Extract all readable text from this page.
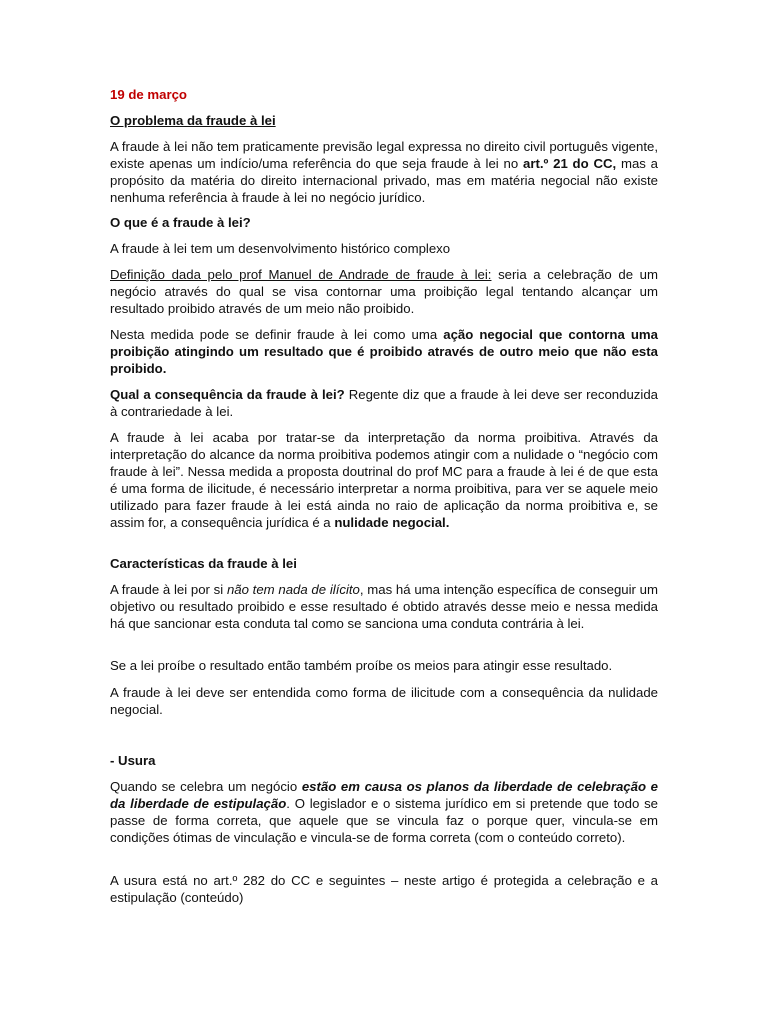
19 de março

O problema da fraude à lei

A fraude à lei não tem praticamente previsão legal expressa no direito civil português vigente, existe apenas um indício/uma referência do que seja fraude à lei no art.º 21 do CC, mas a propósito da matéria do direito internacional privado, mas em matéria negocial não existe nenhuma referência à fraude à lei no negócio jurídico.

O que é a fraude à lei?

A fraude à lei tem um desenvolvimento histórico complexo

Definição dada pelo prof Manuel de Andrade de fraude à lei: seria a celebração de um negócio através do qual se visa contornar uma proibição legal tentando alcançar um resultado proibido através de um meio não proibido.

Nesta medida pode se definir fraude à lei como uma ação negocial que contorna uma proibição atingindo um resultado que é proibido através de outro meio que não esta proibido.

Qual a consequência da fraude à lei? Regente diz que a fraude à lei deve ser reconduzida à contrariedade à lei.

A fraude à lei acaba por tratar-se da interpretação da norma proibitiva. Através da interpretação do alcance da norma proibitiva podemos atingir com a nulidade o “negócio com fraude à lei”. Nessa medida a proposta doutrinal do prof MC para a fraude à lei é de que esta é uma forma de ilicitude, é necessário interpretar a norma proibitiva, para ver se aquele meio utilizado para fazer fraude à lei está ainda no raio de aplicação da norma proibitiva e, se assim for, a consequência jurídica é a nulidade negocial.

Características da fraude à lei

A fraude à lei por si não tem nada de ilícito, mas há uma intenção específica de conseguir um objetivo ou resultado proibido e esse resultado é obtido através desse meio e nessa medida há que sancionar esta conduta tal como se sanciona uma conduta contrária à lei.

Se a lei proíbe o resultado então também proíbe os meios para atingir esse resultado.

A fraude à lei deve ser entendida como forma de ilicitude com a consequência da nulidade negocial.

- Usura

Quando se celebra um negócio estão em causa os planos da liberdade de celebração e da liberdade de estipulação. O legislador e o sistema jurídico em si pretende que todo se passe de forma correta, que aquele que se vincula faz o porque quer, vincula-se em condições ótimas de vinculação e vincula-se de forma correta (com o conteúdo correto).

A usura está no art.º 282 do CC e seguintes – neste artigo é protegida a celebração e a estipulação (conteúdo)
